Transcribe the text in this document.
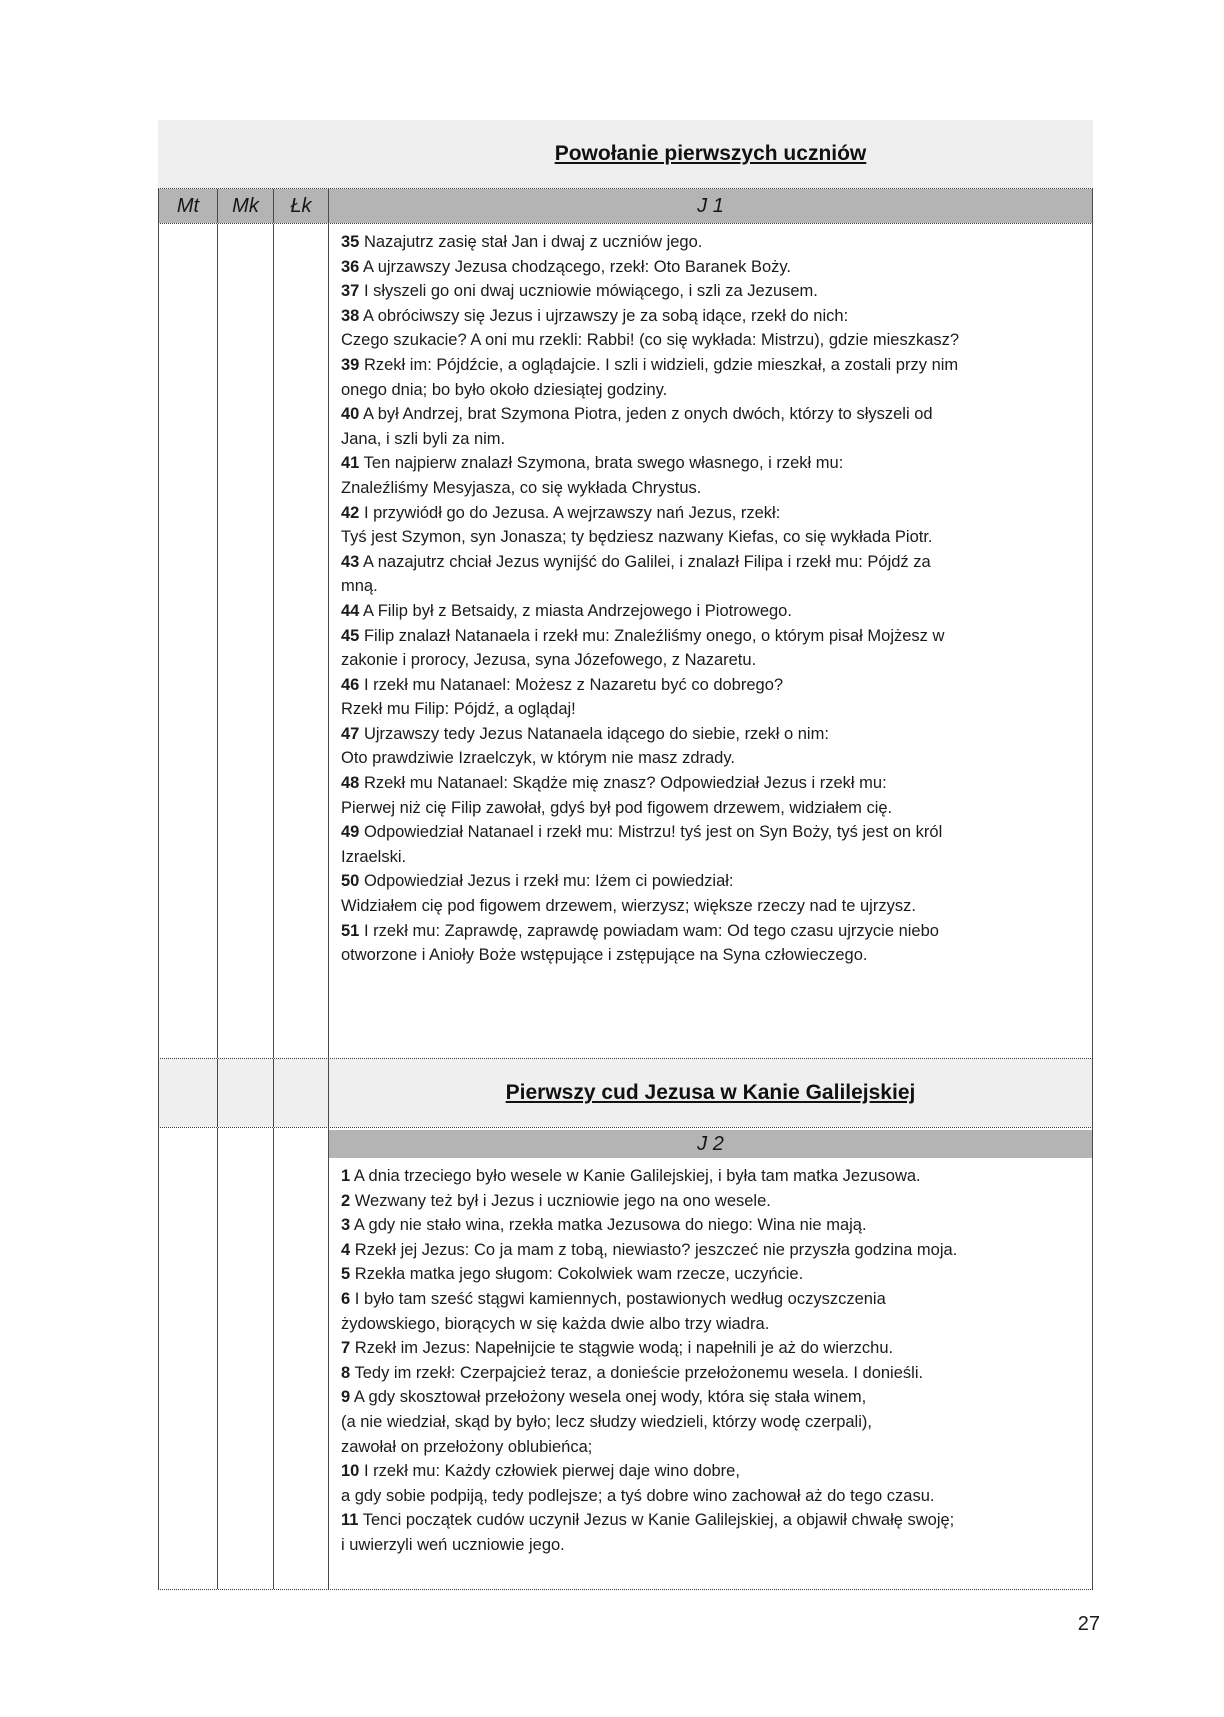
Powołanie pierwszych uczniów
Mt Mk Łk	J 1
35 Nazajutrz zasię stał Jan i dwaj z uczniów jego.
36 A ujrzawszy Jezusa chodzącego, rzekł: Oto Baranek Boży.
37 I słyszeli go oni dwaj uczniowie mówiącego, i szli za Jezusem.
38 A obróciwszy się Jezus i ujrzawszy je za sobą idące, rzekł do nich:
Czego szukacie? A oni mu rzekli: Rabbi! (co się wykłada: Mistrzu), gdzie mieszkasz?
39 Rzekł im: Pójdźcie, a oglądajcie. I szli i widzieli, gdzie mieszkał, a zostali przy nim
onego dnia; bo było około dziesiątej godziny.
40 A był Andrzej, brat Szymona Piotra, jeden z onych dwóch, którzy to słyszeli od
Jana, i szli byli za nim.
41 Ten najpierw znalazł Szymona, brata swego własnego, i rzekł mu:
Znaleźliśmy Mesyjasza, co się wykłada Chrystus.
42 I przywiódł go do Jezusa. A wejrzawszy nań Jezus, rzekł:
Tyś jest Szymon, syn Jonasza; ty będziesz nazwany Kiefas, co się wykłada Piotr.
43 A nazajutrz chciał Jezus wynijść do Galilei, i znalazł Filipa i rzekł mu: Pójdź za
mną.
44 A Filip był z Betsaidy, z miasta Andrzejowego i Piotrowego.
45 Filip znalazł Natanaela i rzekł mu: Znaleźliśmy onego, o którym pisał Mojżesz w
zakonie i prorocy, Jezusa, syna Józefowego, z Nazaretu.
46 I rzekł mu Natanael: Możesz z Nazaretu być co dobrego?
Rzekł mu Filip: Pójdź, a oglądaj!
47 Ujrzawszy tedy Jezus Natanaela idącego do siebie, rzekł o nim:
Oto prawdziwie Izraelczyk, w którym nie masz zdrady.
48 Rzekł mu Natanael: Skądże mię znasz? Odpowiedział Jezus i rzekł mu:
Pierwej niż cię Filip zawołał, gdyś był pod figowem drzewem, widziałem cię.
49 Odpowiedział Natanael i rzekł mu: Mistrzu! tyś jest on Syn Boży, tyś jest on król
Izraelski.
50 Odpowiedział Jezus i rzekł mu: Iżem ci powiedział:
Widziałem cię pod figowem drzewem, wierzysz; większe rzeczy nad te ujrzysz.
51 I rzekł mu: Zaprawdę, zaprawdę powiadam wam: Od tego czasu ujrzycie niebo
otworzone i Anioły Boże wstępujące i zstępujące na Syna człowieczego.
Pierwszy cud Jezusa w Kanie Galilejskiej
J 2
1 A dnia trzeciego było wesele w Kanie Galilejskiej, i była tam matka Jezusowa.
2 Wezwany też był i Jezus i uczniowie jego na ono wesele.
3 A gdy nie stało wina, rzekła matka Jezusowa do niego: Wina nie mają.
4 Rzekł jej Jezus: Co ja mam z tobą, niewiasto? jeszczeć nie przyszła godzina moja.
5 Rzekła matka jego sługom: Cokolwiek wam rzecze, uczyńcie.
6 I było tam sześć stągwi kamiennych, postawionych według oczyszczenia
żydowskiego, biorących w się każda dwie albo trzy wiadra.
7 Rzekł im Jezus: Napełnijcie te stągwie wodą; i napełnili je aż do wierzchu.
8 Tedy im rzekł: Czerpajcież teraz, a donieście przełożonemu wesela. I donieśli.
9 A gdy skosztował przełożony wesela onej wody, która się stała winem,
(a nie wiedział, skąd by było; lecz słudzy wiedzieli, którzy wodę czerpali),
zawołał on przełożony oblubieńca;
10 I rzekł mu: Każdy człowiek pierwej daje wino dobre,
a gdy sobie podpiją, tedy podlejsze; a tyś dobre wino zachował aż do tego czasu.
11 Tenci początek cudów uczynił Jezus w Kanie Galilejskiej, a objawił chwałę swoję;
i uwierzyli weń uczniowie jego.
27
